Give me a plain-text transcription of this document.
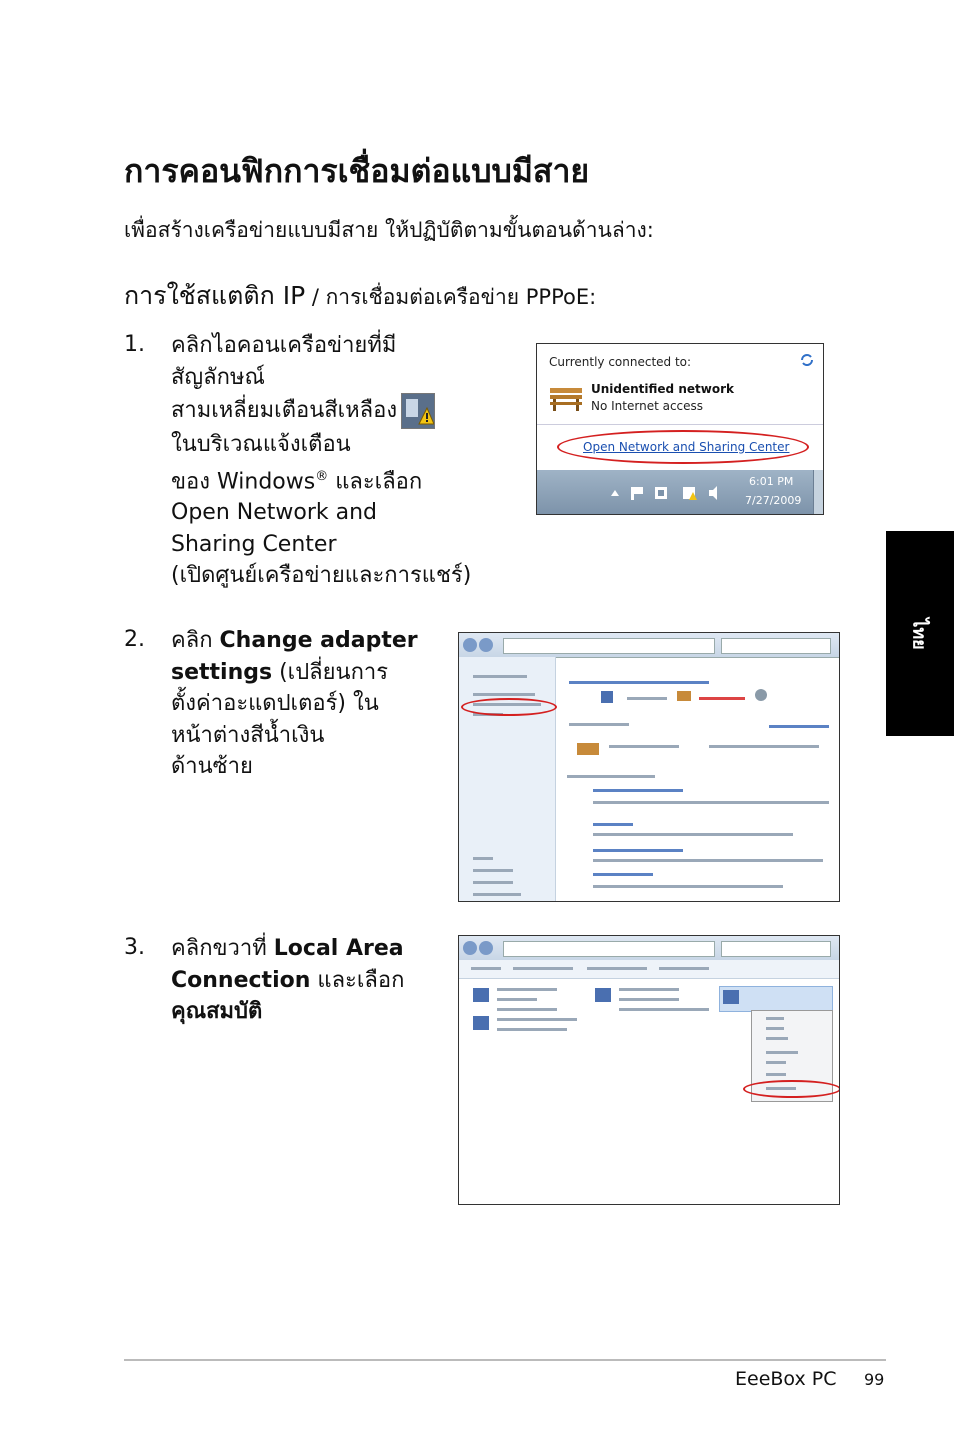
การคอนฟิกการเชื่อมต่อแบบมีสาย
เพื่อสร้างเครือข่ายแบบมีสาย ให้ปฏิบัติตามขั้นตอนด้านล่าง:
การใช้สแตติก IP / การเชื่อมต่อเครือข่าย PPPoE:
1. คลิกไอคอนเครือข่ายที่มี
สัญลักษณ์
สามเหลี่ยมเตือนสีเหลือง
ในบริเวณแจ้งเตือน
ของ Windows® และเลือก
Open Network and
Sharing Center
(เปิดศูนย์เครือข่ายและการแชร์)
Currently connected to:
Unidentified network
No Internet access
Open Network and Sharing Center
6:01 PM
7/27/2009
2. คลิก Change adapter
settings (เปลี่ยนการ
ตั้งค่าอะแดปเตอร์) ใน
หน้าต่างสีน้ำเงิน
ด้านซ้าย
3. คลิกขวาที่ Local Area
Connection และเลือก
คุณสมบัติ
ไทย
EeeBox PC 99
